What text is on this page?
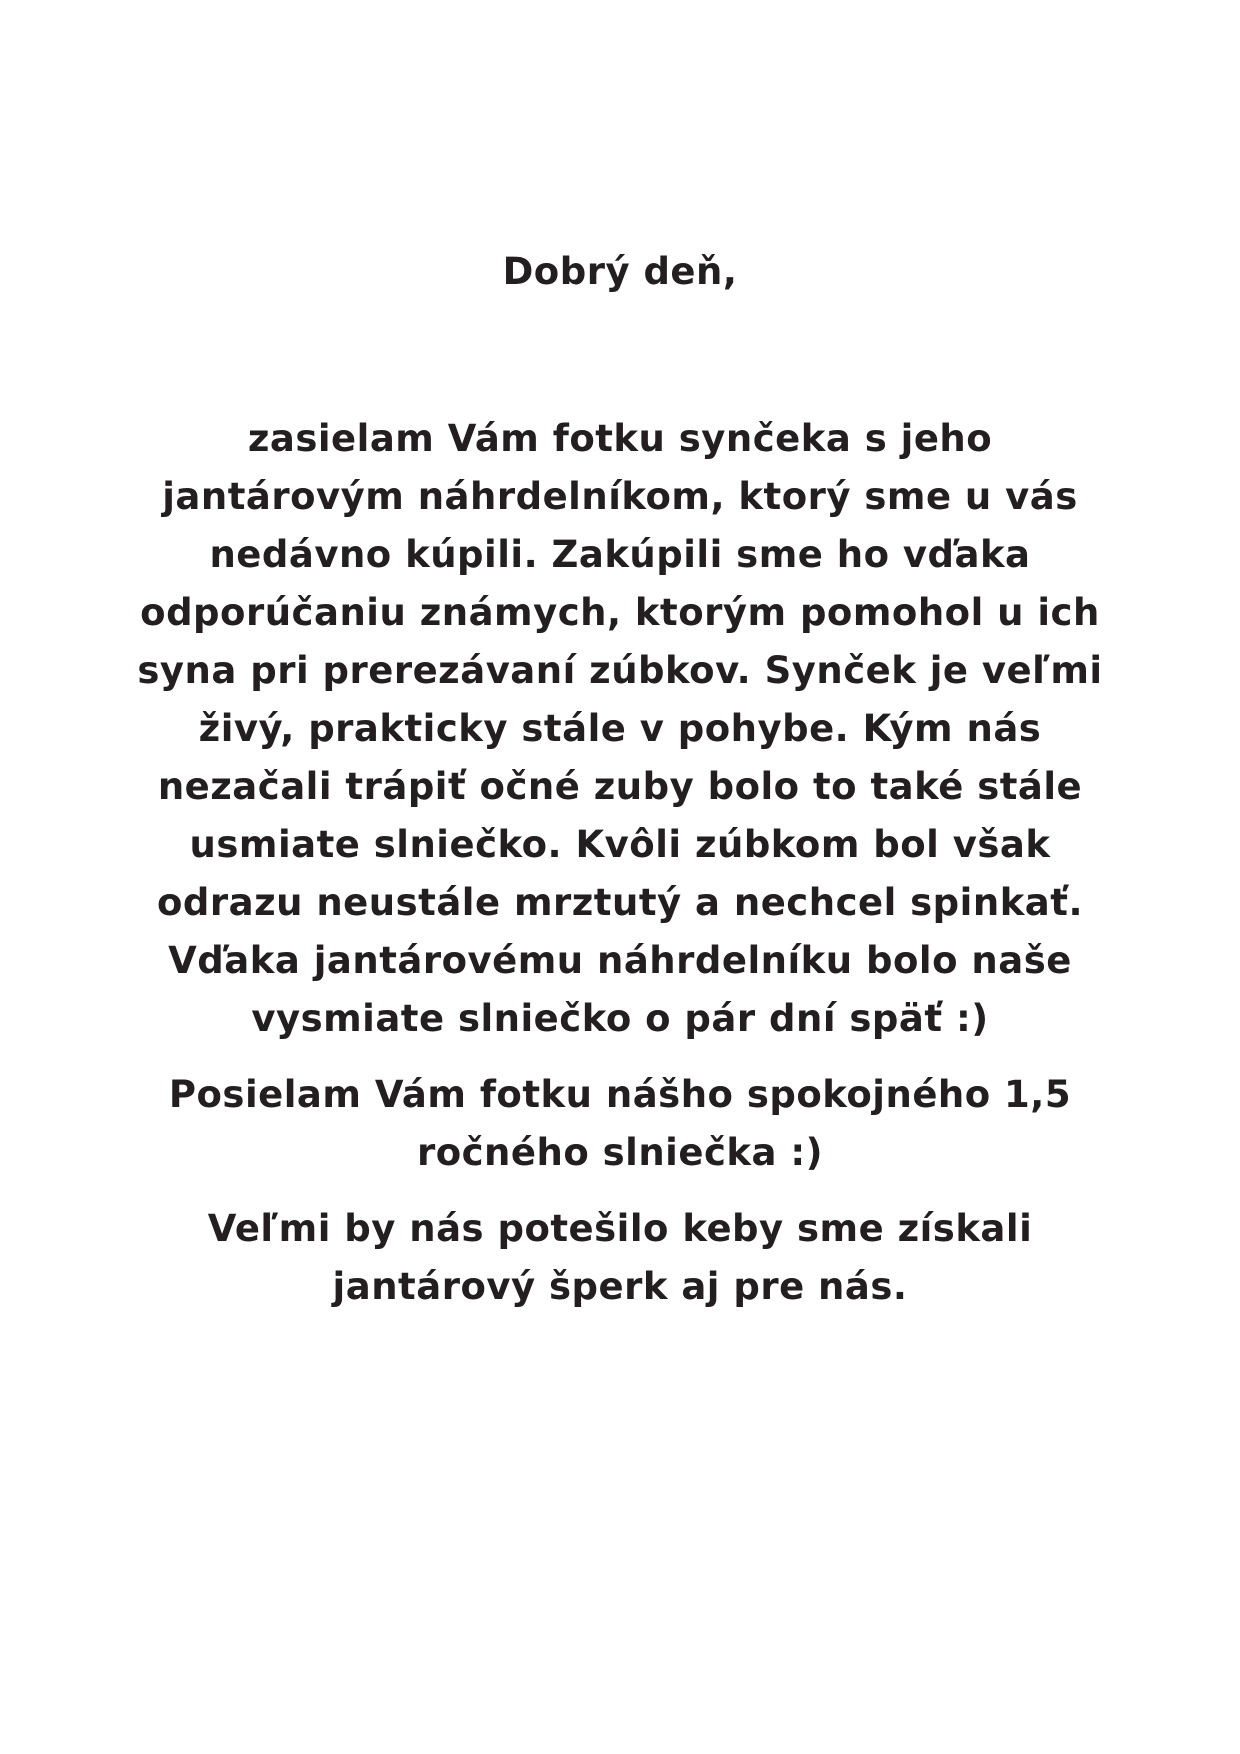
Dobrý deň,

zasielam Vám fotku synčeka s jeho
jantárovým náhrdelníkom, ktorý sme u vás
nedávno kúpili. Zakúpili sme ho vďaka
odporúčaniu známych, ktorým pomohol u ich
syna pri prerezávaní zúbkov. Synček je veľmi
živý, prakticky stále v pohybe. Kým nás
nezačali trápiť očné zuby bolo to také stále
usmiate slniečko. Kvôli zúbkom bol však
odrazu neustále mrztutý a nechcel spinkať.
Vďaka jantárovému náhrdelníku bolo naše
vysmiate slniečko o pár dní späť :)

Posielam Vám fotku nášho spokojného 1,5
ročného slniečka :)

Veľmi by nás potešilo keby sme získali
jantárový šperk aj pre nás.
